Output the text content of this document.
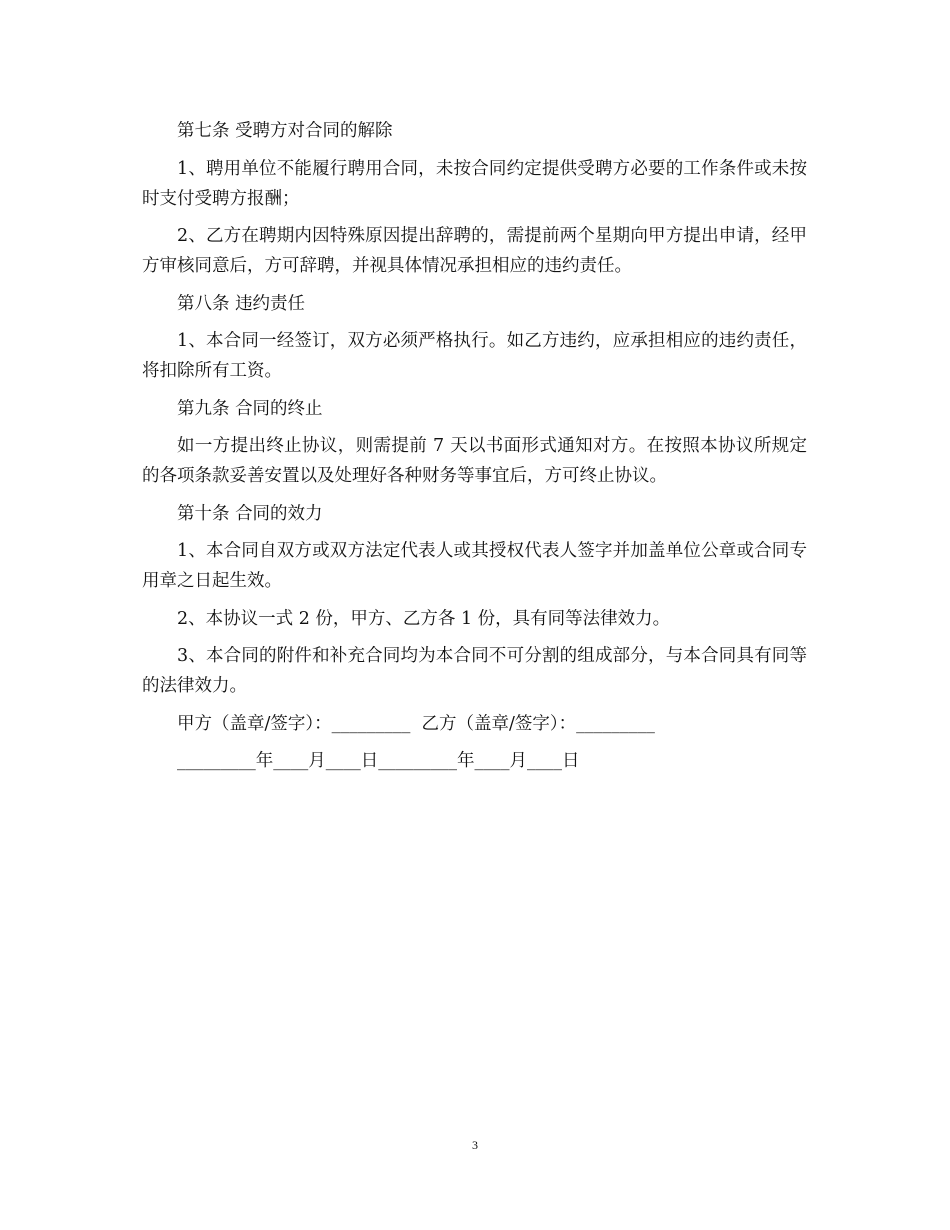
第七条 受聘方对合同的解除

1、聘用单位不能履行聘用合同，未按合同约定提供受聘方必要的工作条件或未按时支付受聘方报酬；

2、乙方在聘期内因特殊原因提出辞聘的，需提前两个星期向甲方提出申请，经甲方审核同意后，方可辞聘，并视具体情况承担相应的违约责任。

第八条 违约责任

1、本合同一经签订，双方必须严格执行。如乙方违约，应承担相应的违约责任，将扣除所有工资。

第九条 合同的终止

如一方提出终止协议，则需提前 7 天以书面形式通知对方。在按照本协议所规定的各项条款妥善安置以及处理好各种财务等事宜后，方可终止协议。

第十条 合同的效力

1、本合同自双方或双方法定代表人或其授权代表人签字并加盖单位公章或合同专用章之日起生效。

2、本协议一式 2 份，甲方、乙方各 1 份，具有同等法律效力。

3、本合同的附件和补充合同均为本合同不可分割的组成部分，与本合同具有同等的法律效力。

甲方（盖章/签字）：_________  乙方（盖章/签字）：_________
_________年____月____日_________年____月____日
3
